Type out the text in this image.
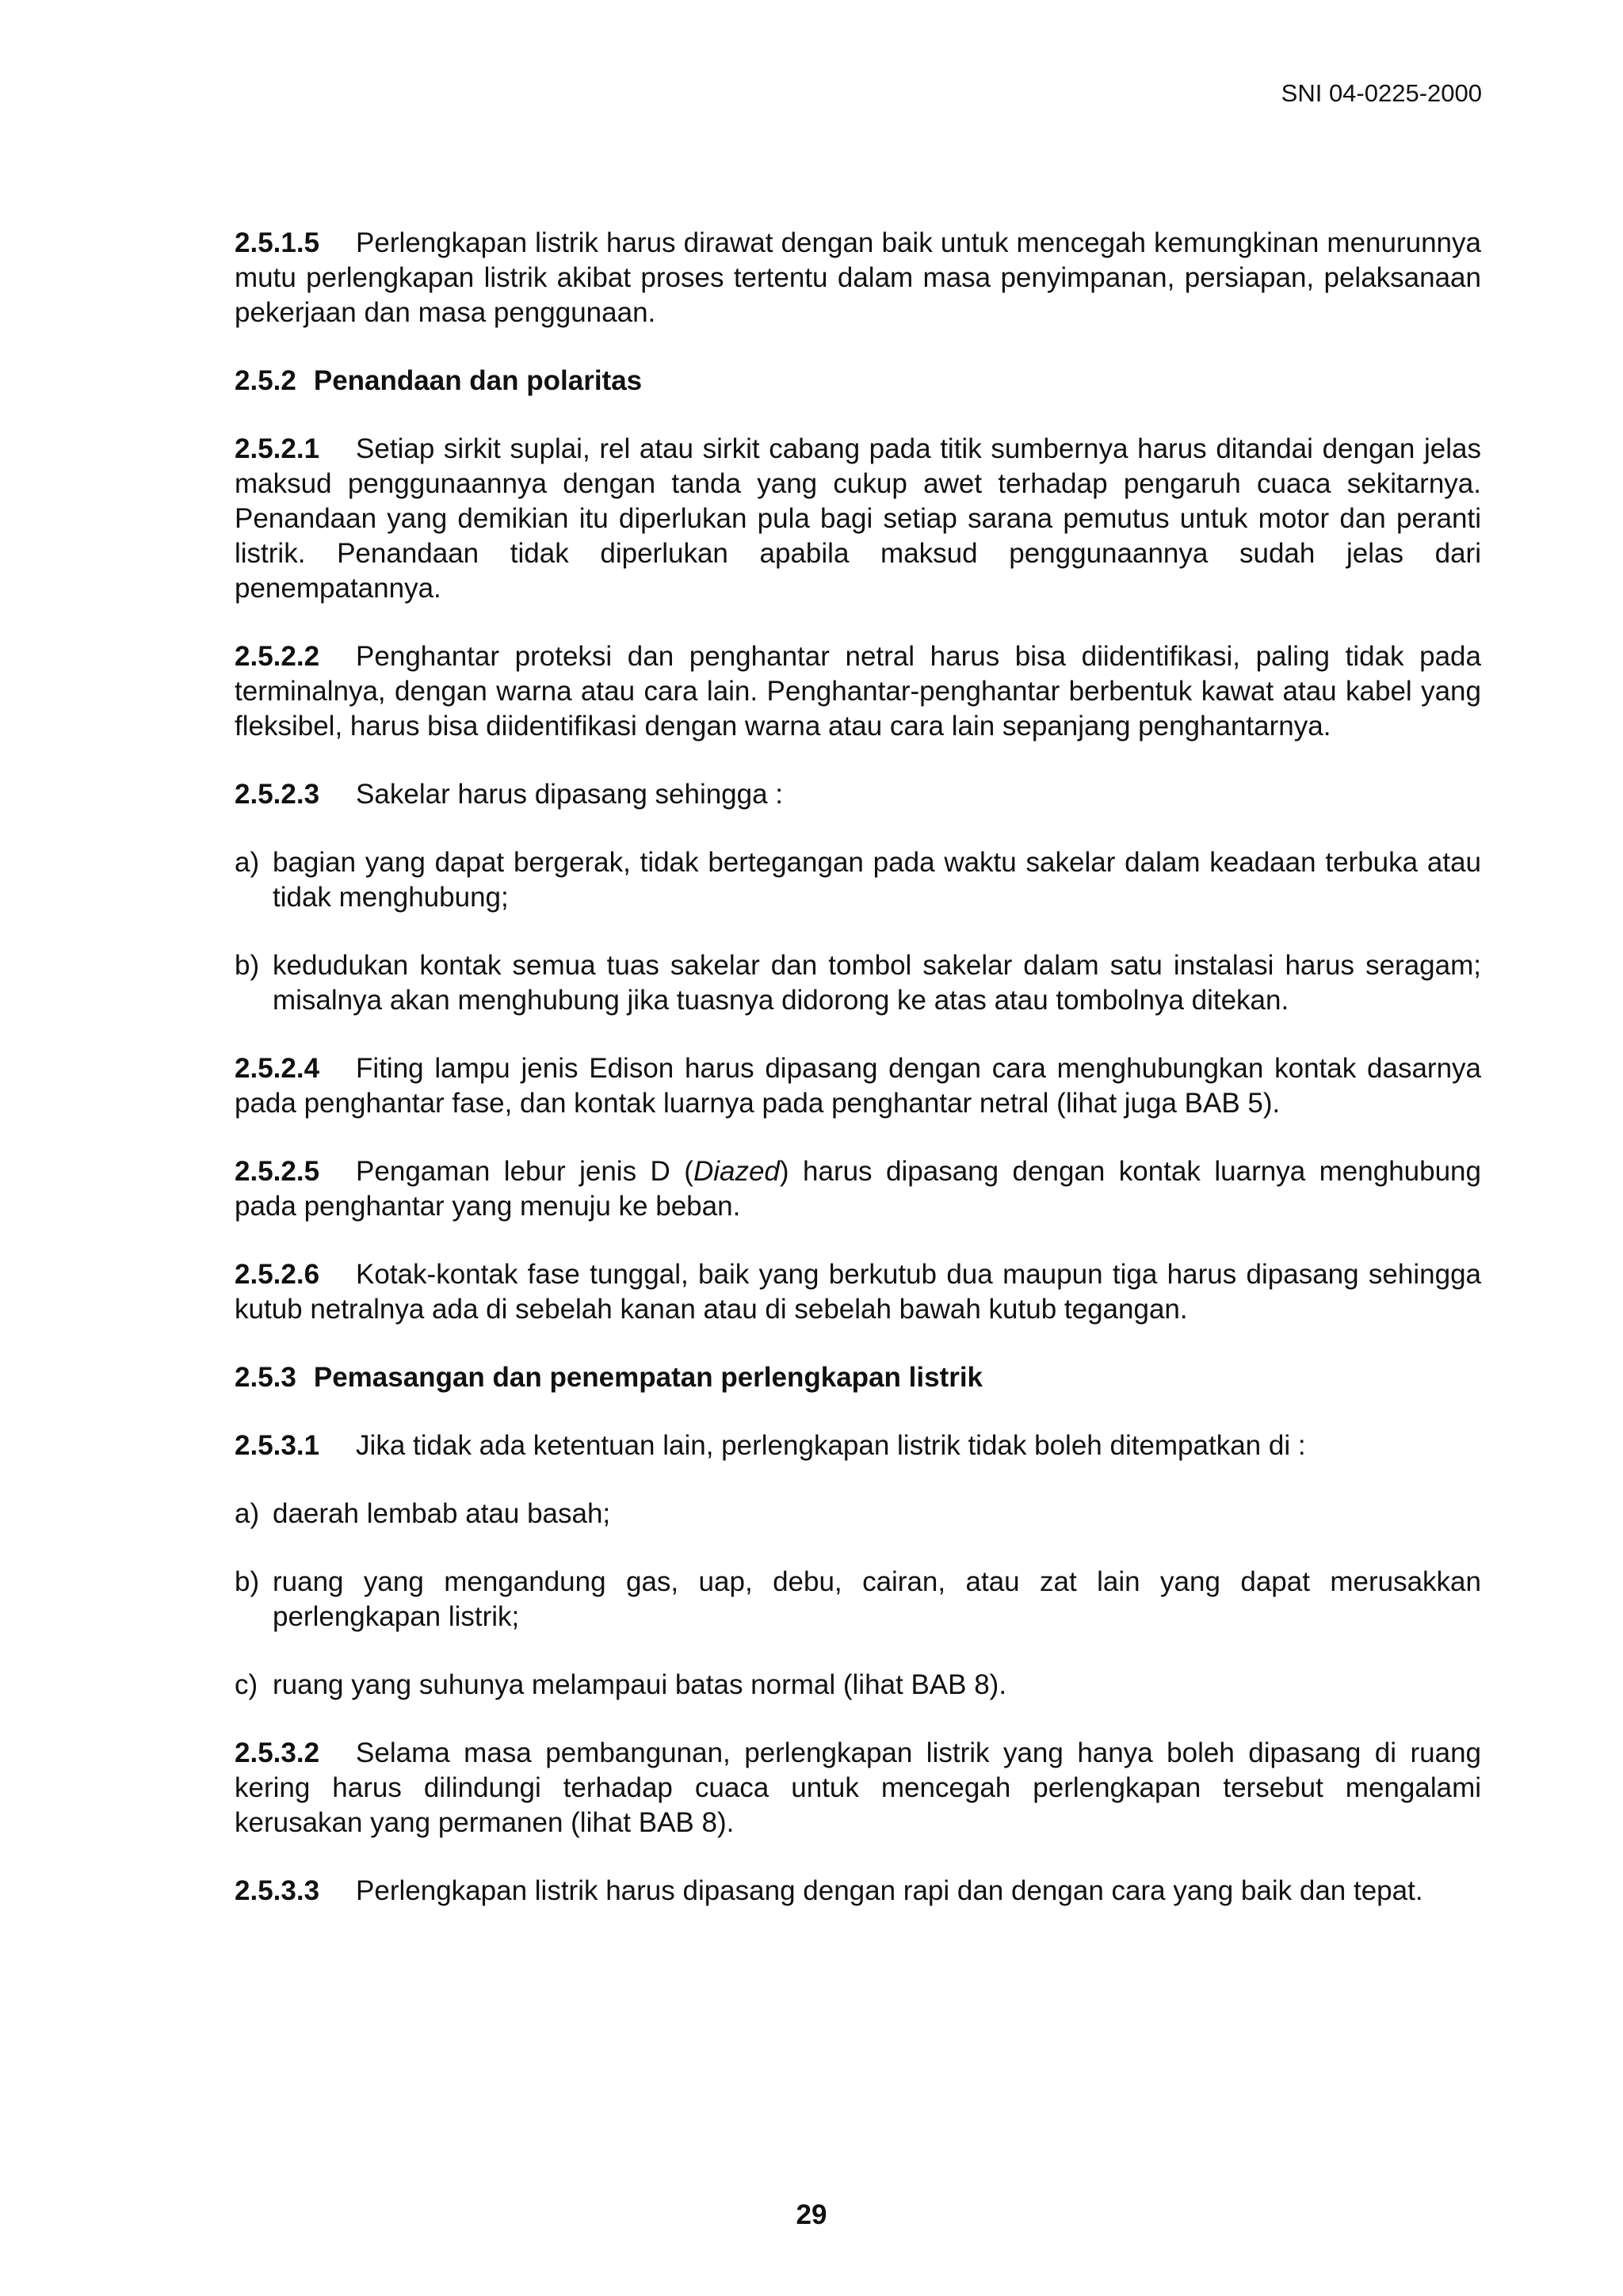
SNI 04-0225-2000

2.5.1.5 Perlengkapan listrik harus dirawat dengan baik untuk mencegah kemungkinan menurunnya mutu perlengkapan listrik akibat proses tertentu dalam masa penyimpanan, persiapan, pelaksanaan pekerjaan dan masa penggunaan.

2.5.2 Penandaan dan polaritas

2.5.2.1 Setiap sirkit suplai, rel atau sirkit cabang pada titik sumbernya harus ditandai dengan jelas maksud penggunaannya dengan tanda yang cukup awet terhadap pengaruh cuaca sekitarnya. Penandaan yang demikian itu diperlukan pula bagi setiap sarana pemutus untuk motor dan peranti listrik. Penandaan tidak diperlukan apabila maksud penggunaannya sudah jelas dari penempatannya.

2.5.2.2 Penghantar proteksi dan penghantar netral harus bisa diidentifikasi, paling tidak pada terminalnya, dengan warna atau cara lain. Penghantar-penghantar berbentuk kawat atau kabel yang fleksibel, harus bisa diidentifikasi dengan warna atau cara lain sepanjang penghantarnya.

2.5.2.3 Sakelar harus dipasang sehingga :

a) bagian yang dapat bergerak, tidak bertegangan pada waktu sakelar dalam keadaan terbuka atau tidak menghubung;
b) kedudukan kontak semua tuas sakelar dan tombol sakelar dalam satu instalasi harus seragam; misalnya akan menghubung jika tuasnya didorong ke atas atau tombolnya ditekan.

2.5.2.4 Fiting lampu jenis Edison harus dipasang dengan cara menghubungkan kontak dasarnya pada penghantar fase, dan kontak luarnya pada penghantar netral (lihat juga BAB 5).

2.5.2.5 Pengaman lebur jenis D (Diazed) harus dipasang dengan kontak luarnya menghubung pada penghantar yang menuju ke beban.

2.5.2.6 Kotak-kontak fase tunggal, baik yang berkutub dua maupun tiga harus dipasang sehingga kutub netralnya ada di sebelah kanan atau di sebelah bawah kutub tegangan.

2.5.3 Pemasangan dan penempatan perlengkapan listrik

2.5.3.1 Jika tidak ada ketentuan lain, perlengkapan listrik tidak boleh ditempatkan di :

a) daerah lembab atau basah;
b) ruang yang mengandung gas, uap, debu, cairan, atau zat lain yang dapat merusakkan perlengkapan listrik;
c) ruang yang suhunya melampaui batas normal (lihat BAB 8).

2.5.3.2 Selama masa pembangunan, perlengkapan listrik yang hanya boleh dipasang di ruang kering harus dilindungi terhadap cuaca untuk mencegah perlengkapan tersebut mengalami kerusakan yang permanen (lihat BAB 8).

2.5.3.3 Perlengkapan listrik harus dipasang dengan rapi dan dengan cara yang baik dan tepat.

29
